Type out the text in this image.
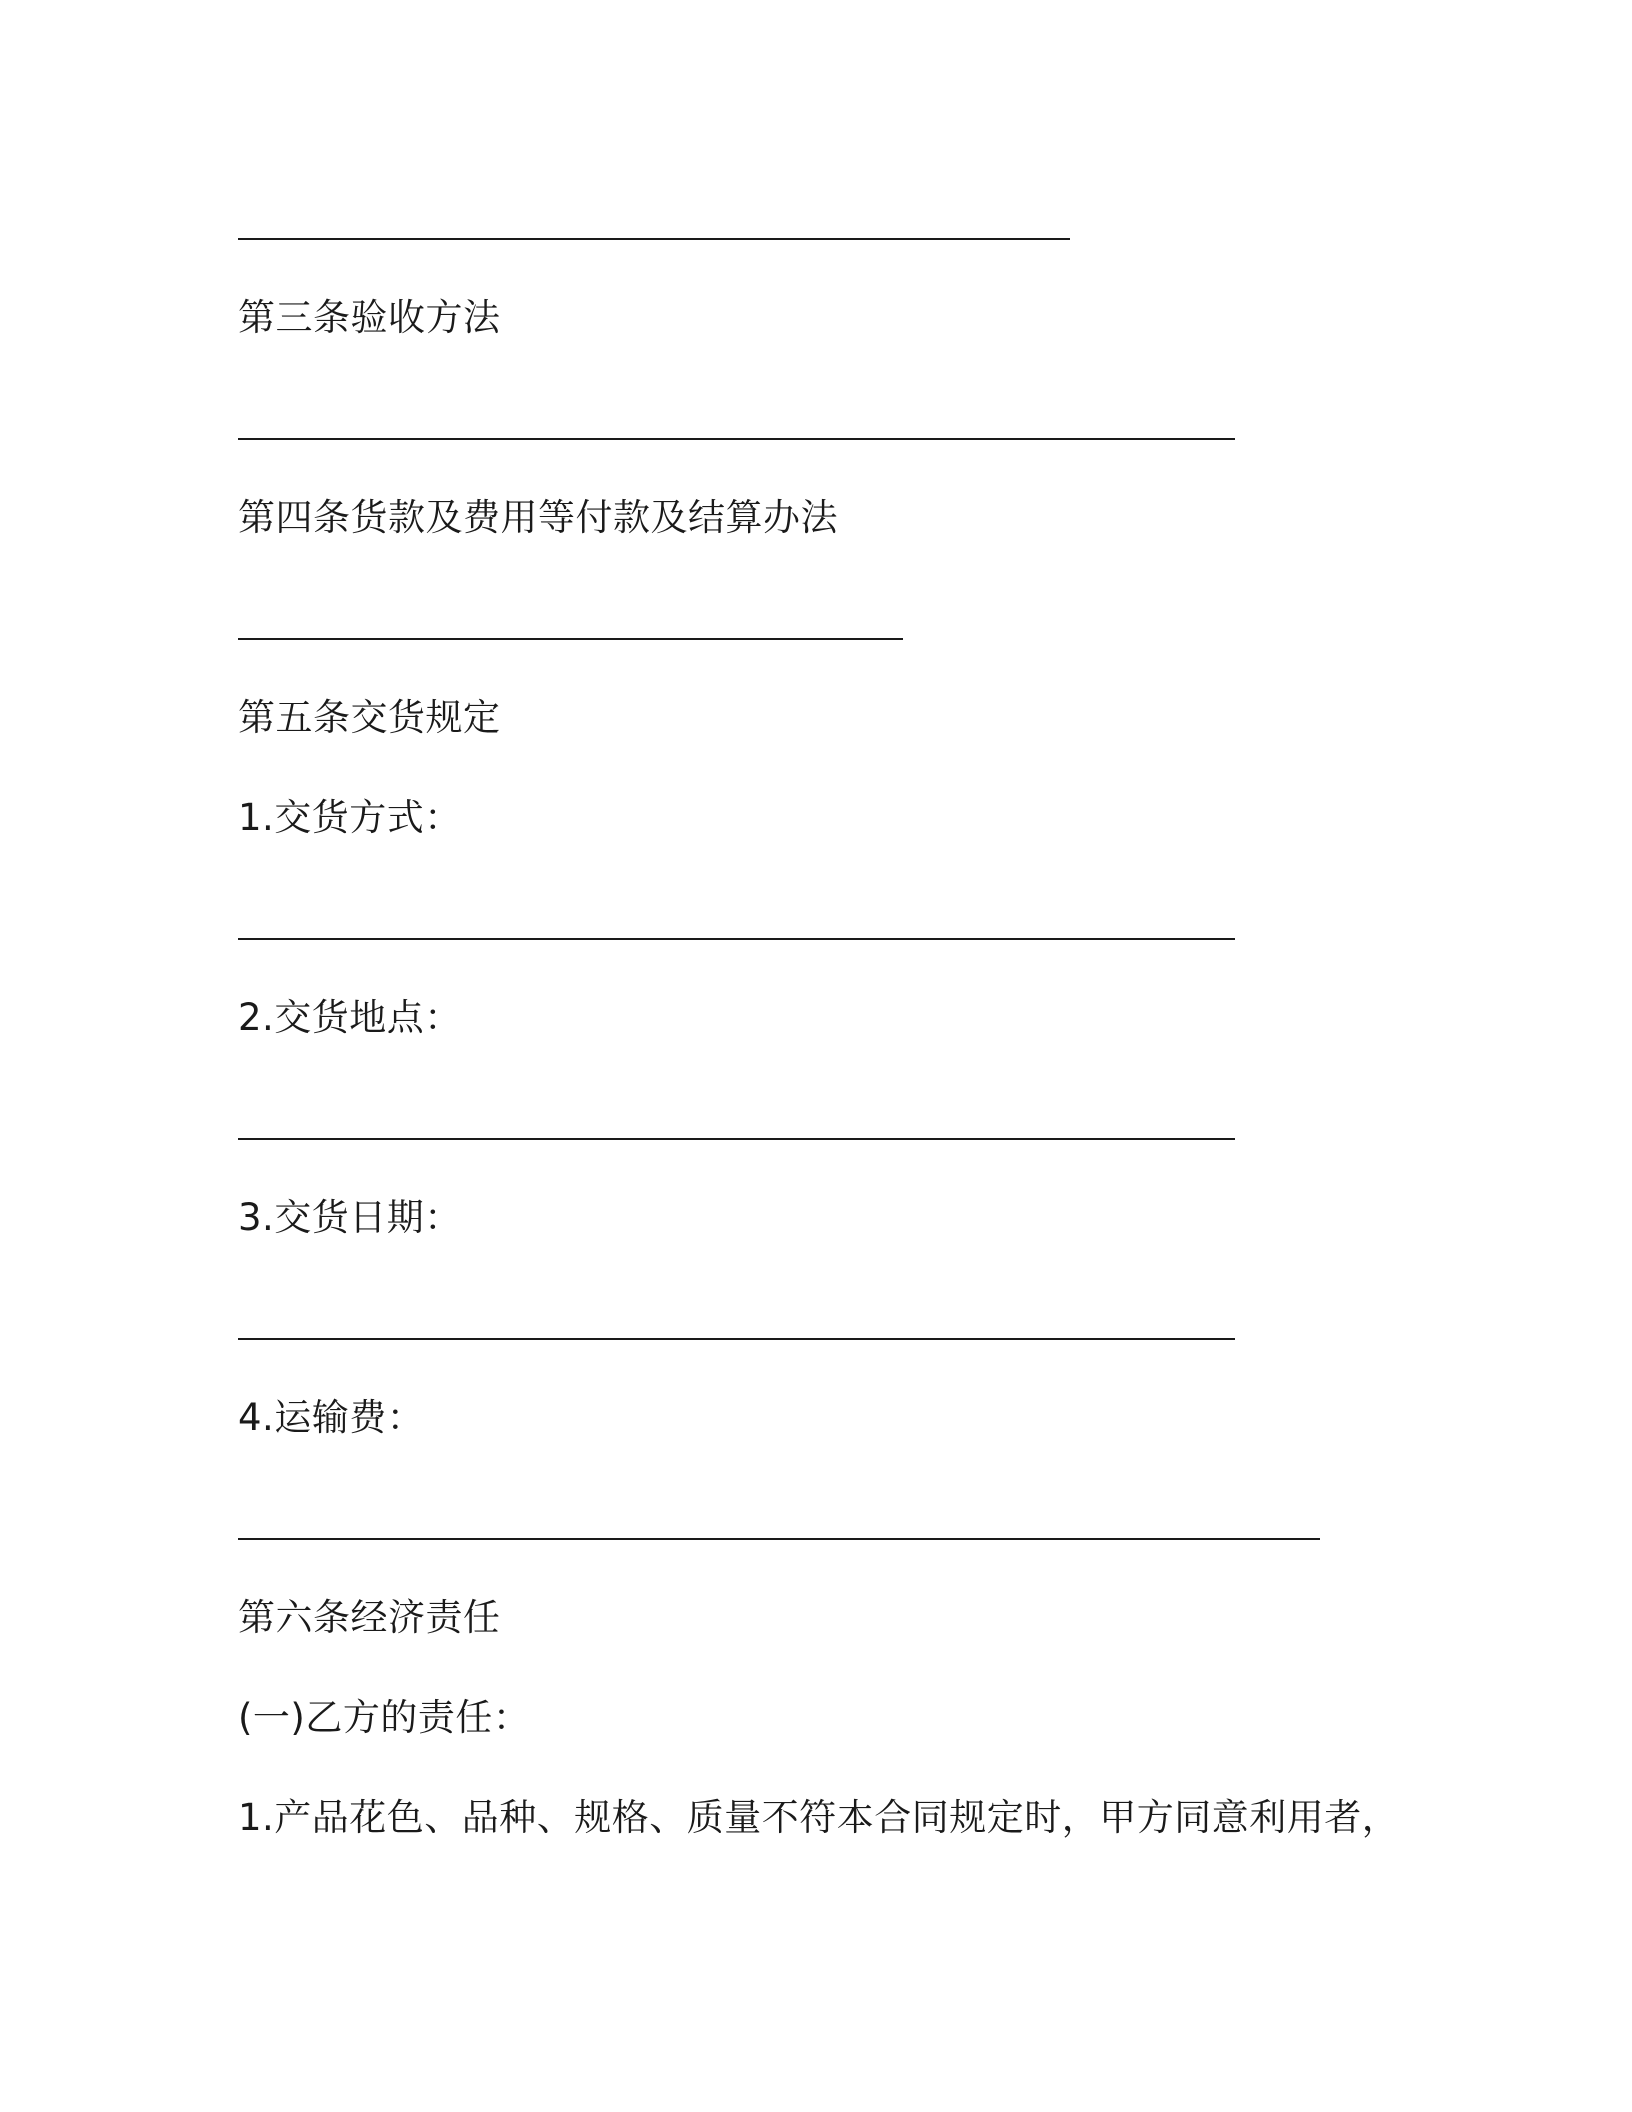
第三条验收方法
第四条货款及费用等付款及结算办法
第五条交货规定
1.交货方式：
2.交货地点：
3.交货日期：
4.运输费：
第六条经济责任
(一)乙方的责任：
1.产品花色、品种、规格、质量不符本合同规定时，甲方同意利用者，
